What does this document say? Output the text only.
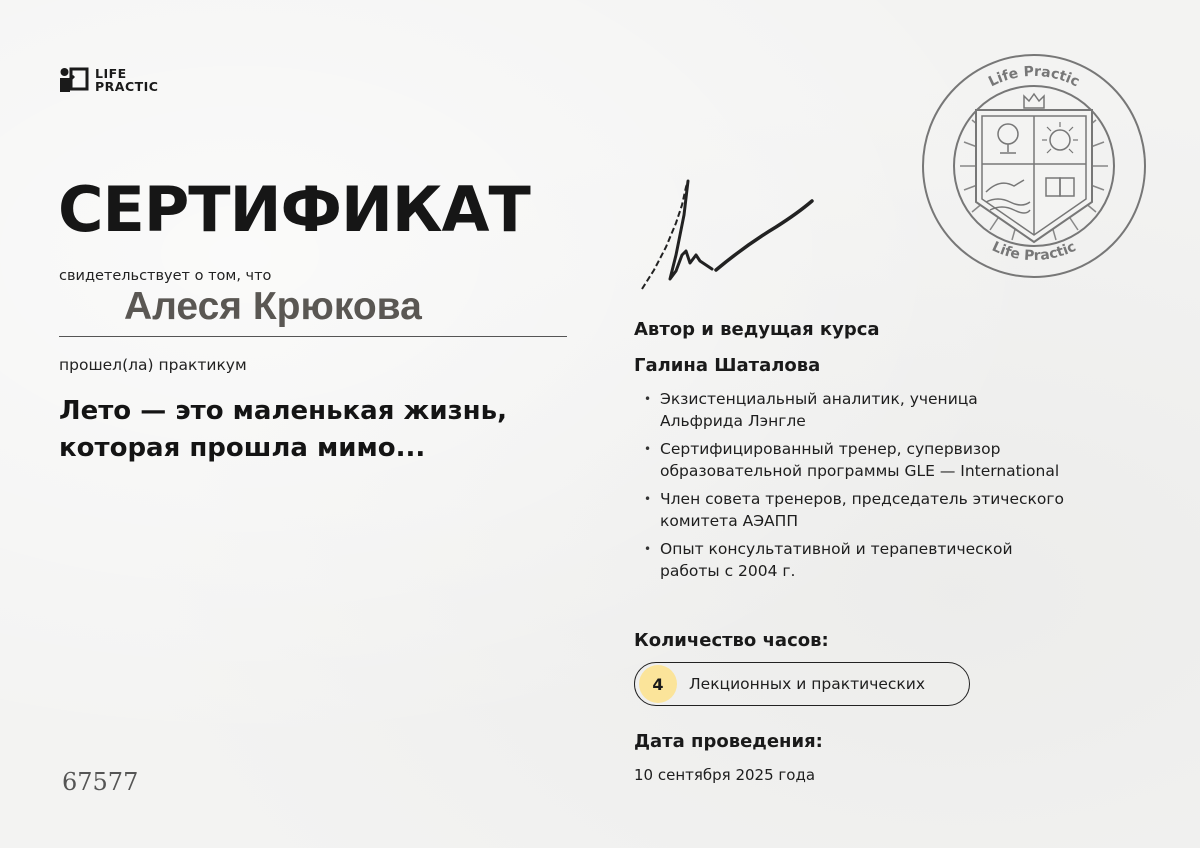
LIFE
PRACTIC
СЕРТИФИКАТ
свидетельствует о том, что
Алеся Крюкова
прошел(ла) практикум
Лето — это маленькая жизнь, которая прошла мимо...
67577
Life Practic
Life Practic
Автор и ведущая курса
Галина Шаталова
• Экзистенциальный аналитик, ученица Альфрида Лэнгле
• Сертифицированный тренер, супервизор образовательной программы GLE — International
• Член совета тренеров, председатель этического комитета АЭАПП
• Опыт консультативной и терапевтической работы с 2004 г.
Количество часов:
4	Лекционных и практических
Дата проведения:
10 сентября 2025 года
